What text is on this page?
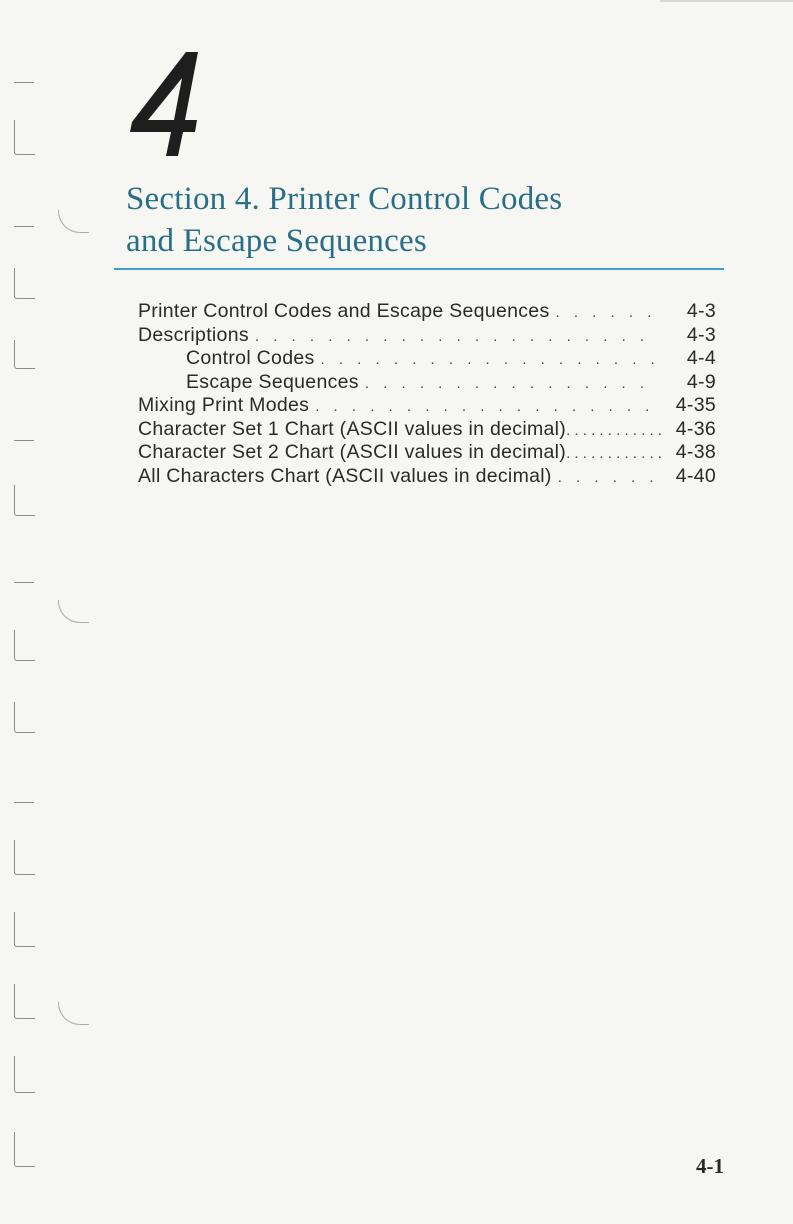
Section 4. Printer Control Codes
and Escape Sequences
Printer Control Codes and Escape Sequences . . .	4-3
Descriptions . . .	4-3
Control Codes . . .	4-4
Escape Sequences . . .	4-9
Mixing Print Modes . . .	4-35
Character Set 1 Chart (ASCII values in decimal) . . .	4-36
Character Set 2 Chart (ASCII values in decimal) . . .	4-38
All Characters Chart (ASCII values in decimal) . . .	4-40
4-1
